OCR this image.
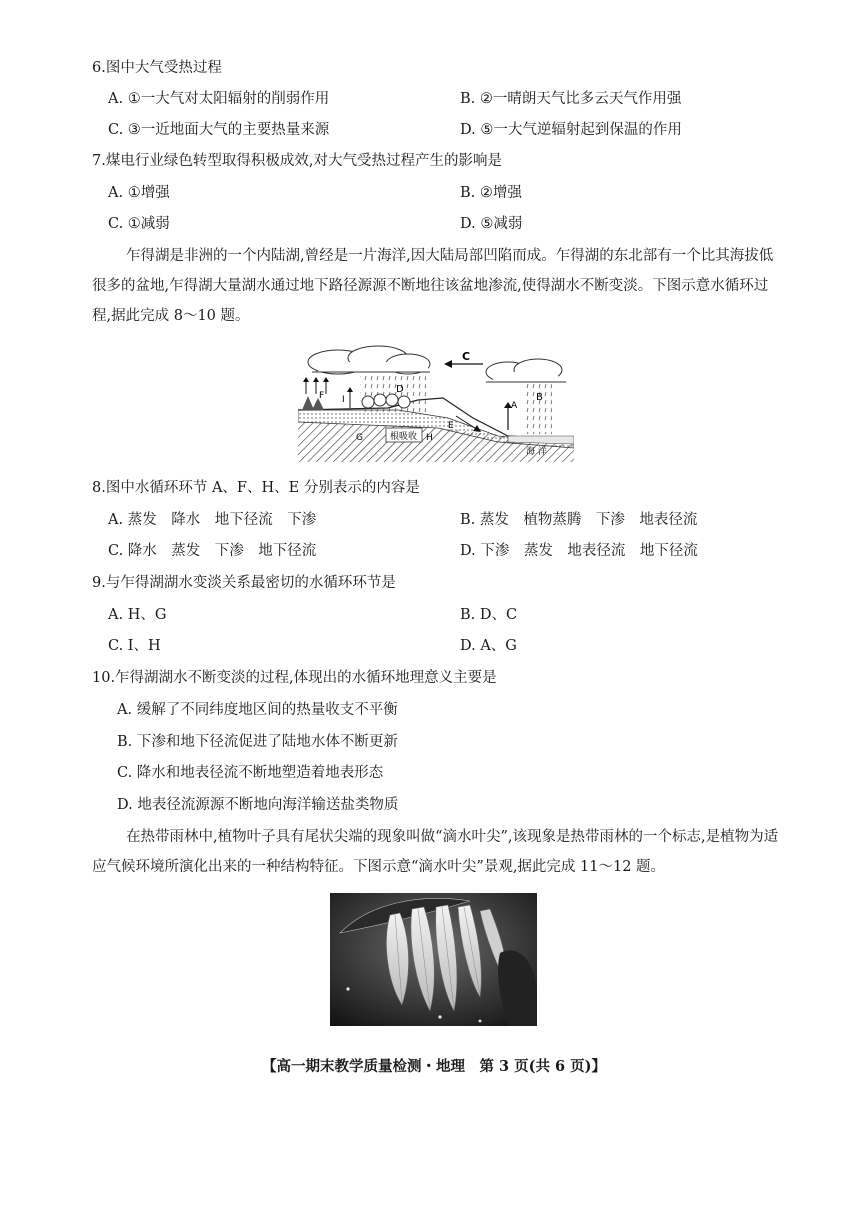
6.图中大气受热过程
A. ①一大气对太阳辐射的削弱作用	B. ②一晴朗天气比多云天气作用强
C. ③一近地面大气的主要热量来源	D. ⑤一大气逆辐射起到保温的作用
7.煤电行业绿色转型取得积极成效,对大气受热过程产生的影响是
A. ①增强	B. ②增强
C. ①减弱	D. ⑤减弱
乍得湖是非洲的一个内陆湖,曾经是一片海洋,因大陆局部凹陷而成。乍得湖的东北部有一个比其海拔低很多的盆地,乍得湖大量湖水通过地下路径源源不断地往该盆地渗流,使得湖水不断变淡。下图示意水循环过程,据此完成 8～10 题。
根吸收
C
D
B
A
F I
E
G	H
海 洋
8.图中水循环环节 A、F、H、E 分别表示的内容是
A. 蒸发　降水　地下径流　下渗	B. 蒸发　植物蒸腾　下渗　地表径流
C. 降水　蒸发　下渗　地下径流	D. 下渗　蒸发　地表径流　地下径流
9.与乍得湖湖水变淡关系最密切的水循环环节是
A. H、G	B. D、C
C. I、H	D. A、G
10.乍得湖湖水不断变淡的过程,体现出的水循环地理意义主要是
A. 缓解了不同纬度地区间的热量收支不平衡
B. 下渗和地下径流促进了陆地水体不断更新
C. 降水和地表径流不断地塑造着地表形态
D. 地表径流源源不断地向海洋输送盐类物质
在热带雨林中,植物叶子具有尾状尖端的现象叫做“滴水叶尖”,该现象是热带雨林的一个标志,是植物为适应气候环境所演化出来的一种结构特征。下图示意“滴水叶尖”景观,据此完成 11～12 题。
【高一期末教学质量检测・地理　第 3 页(共 6 页)】
